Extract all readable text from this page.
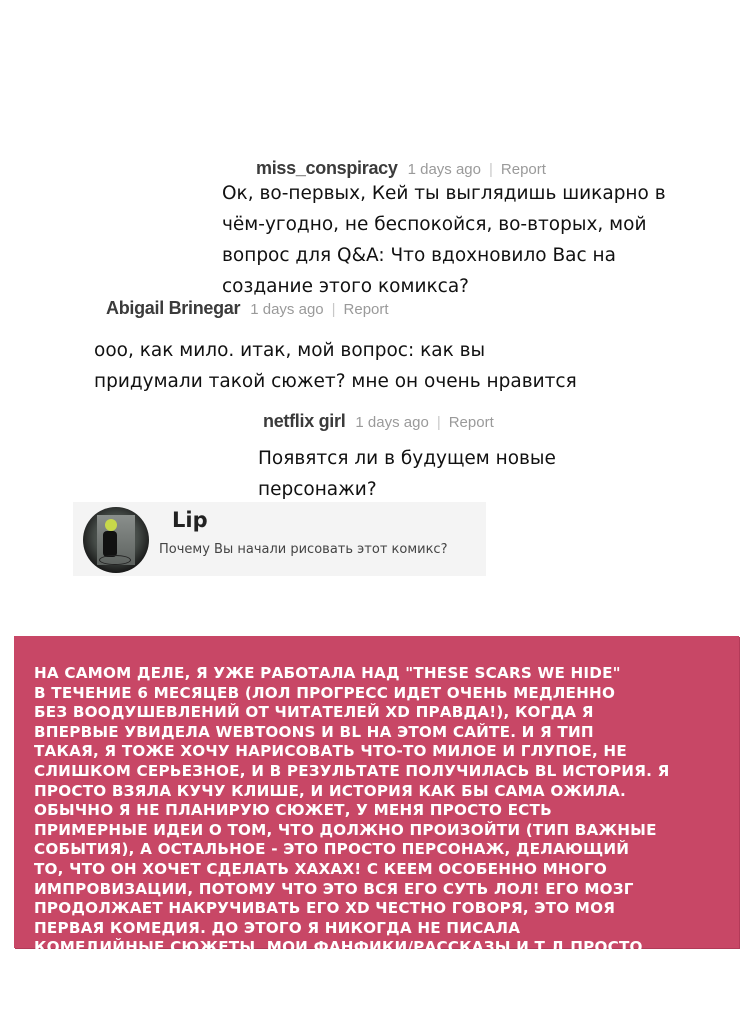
miss_conspiracy 1 days ago | Report
Ок, во-первых, Кей ты выглядишь шикарно в
чём-угодно, не беспокойся, во-вторых, мой
вопрос для Q&A: Что вдохновило Вас на
создание этого комикса?
Abigail Brinegar 1 days ago | Report
ооо, как мило. итак, мой вопрос: как вы
придумали такой сюжет? мне он очень нравится
netflix girl 1 days ago | Report
Появятся ли в будущем новые
персонажи?
Lip
Почему Вы начали рисовать этот комикс?
НА САМОМ ДЕЛЕ, Я УЖЕ РАБОТАЛА НАД "THESE SCARS WE HIDE"
В ТЕЧЕНИЕ 6 МЕСЯЦЕВ (ЛОЛ ПРОГРЕСС ИДЕТ ОЧЕНЬ МЕДЛЕННО
БЕЗ ВООДУШЕВЛЕНИЙ ОТ ЧИТАТЕЛЕЙ XD ПРАВДА!), КОГДА Я
ВПЕРВЫЕ УВИДЕЛА WEBTOONS И BL НА ЭТОМ САЙТЕ. И Я ТИП
ТАКАЯ, Я ТОЖЕ ХОЧУ НАРИСОВАТЬ ЧТО-ТО МИЛОЕ И ГЛУПОЕ, НЕ
СЛИШКОМ СЕРЬЕЗНОЕ, И В РЕЗУЛЬТАТЕ ПОЛУЧИЛАСЬ BL ИСТОРИЯ. Я
ПРОСТО ВЗЯЛА КУЧУ КЛИШЕ, И ИСТОРИЯ КАК БЫ САМА ОЖИЛА.
ОБЫЧНО Я НЕ ПЛАНИРУЮ СЮЖЕТ, У МЕНЯ ПРОСТО ЕСТЬ
ПРИМЕРНЫЕ ИДЕИ О ТОМ, ЧТО ДОЛЖНО ПРОИЗОЙТИ (ТИП ВАЖНЫЕ
СОБЫТИЯ), А ОСТАЛЬНОЕ - ЭТО ПРОСТО ПЕРСОНАЖ, ДЕЛАЮЩИЙ
ТО, ЧТО ОН ХОЧЕТ СДЕЛАТЬ ХАХАХ! С КЕЕМ ОСОБЕННО МНОГО
ИМПРОВИЗАЦИИ, ПОТОМУ ЧТО ЭТО ВСЯ ЕГО СУТЬ ЛОЛ! ЕГО МОЗГ
ПРОДОЛЖАЕТ НАКРУЧИВАТЬ ЕГО XD ЧЕСТНО ГОВОРЯ, ЭТО МОЯ
ПЕРВАЯ КОМЕДИЯ. ДО ЭТОГО Я НИКОГДА НЕ ПИСАЛА
КОМЕДИЙНЫЕ СЮЖЕТЫ. МОИ ФАНФИКИ/РАССКАЗЫ И Т.Д ПРОСТО
ЧИСТЫЙ "АНГСТ" XD
